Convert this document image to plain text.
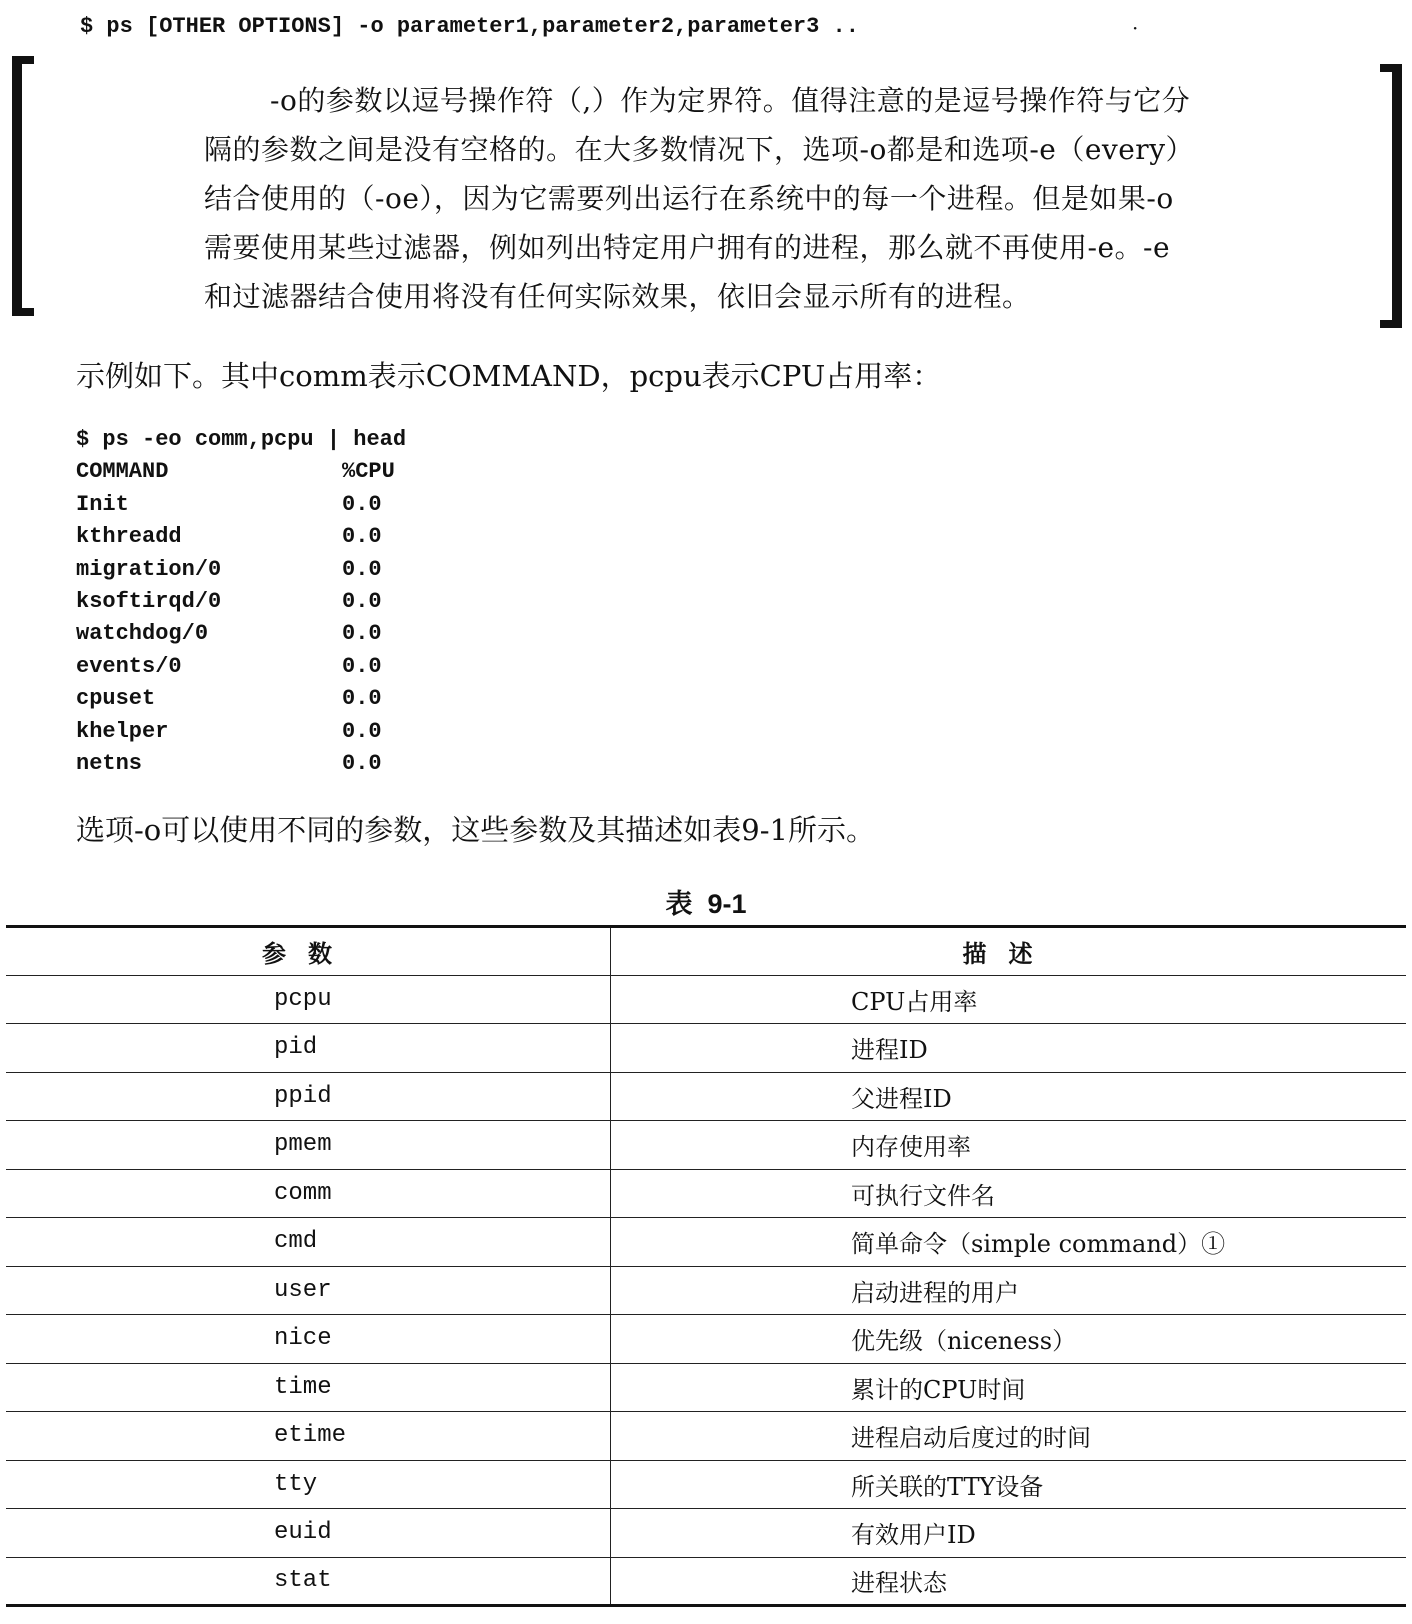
$ ps [OTHER OPTIONS] -o parameter1,parameter2,parameter3 ..	·
-o的参数以逗号操作符（,）作为定界符。值得注意的是逗号操作符与它分
隔的参数之间是没有空格的。在大多数情况下，选项-o都是和选项-e（every）
结合使用的（-oe），因为它需要列出运行在系统中的每一个进程。但是如果-o
需要使用某些过滤器，例如列出特定用户拥有的进程，那么就不再使用-e。-e
和过滤器结合使用将没有任何实际效果，依旧会显示所有的进程。
示例如下。其中comm表示COMMAND，pcpu表示CPU占用率：
$ ps -eo comm,pcpu | head
COMMAND	%CPU
Init	0.0
kthreadd	0.0
migration/0	0.0
ksoftirqd/0	0.0
watchdog/0	0.0
events/0	0.0
cpuset	0.0
khelper	0.0
netns	0.0
选项-o可以使用不同的参数，这些参数及其描述如表9-1所示。
表  9-1
参数	描述

pcpu	CPU占用率

pid	进程ID

ppid	父进程ID

pmem	内存使用率

comm	可执行文件名

cmd	简单命令（simple command）①

user	启动进程的用户

nice	优先级（niceness）

time	累计的CPU时间

etime	进程启动后度过的时间

tty	所关联的TTY设备

euid	有效用户ID

stat	进程状态
